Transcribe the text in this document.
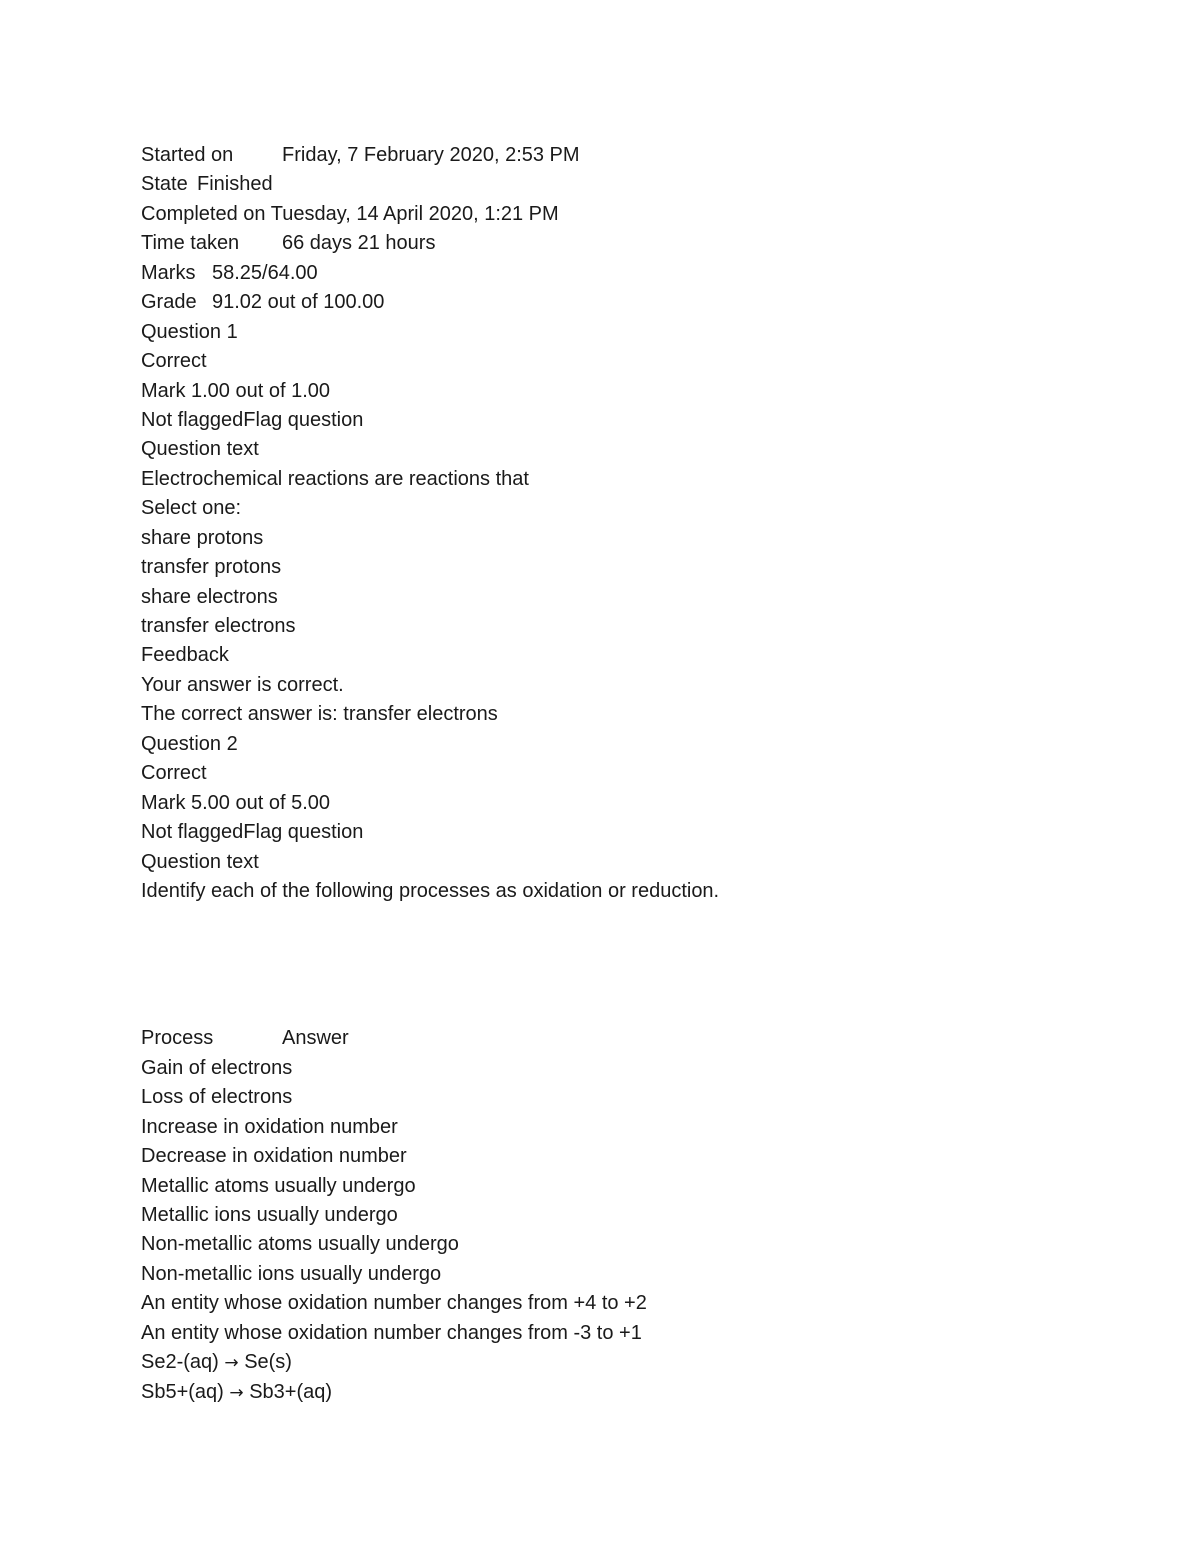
Started on Friday, 7 February 2020, 2:53 PM
State Finished
Completed on Tuesday, 14 April 2020, 1:21 PM
Time taken 66 days 21 hours
Marks 58.25/64.00
Grade 91.02 out of 100.00
Question 1
Correct
Mark 1.00 out of 1.00
Not flaggedFlag question
Question text
Electrochemical reactions are reactions that
Select one:
share protons
transfer protons
share electrons
transfer electrons
Feedback
Your answer is correct.
The correct answer is: transfer electrons
Question 2
Correct
Mark 5.00 out of 5.00
Not flaggedFlag question
Question text
Identify each of the following processes as oxidation or reduction.
Process	Answer
Gain of electrons
Loss of electrons
Increase in oxidation number
Decrease in oxidation number
Metallic atoms usually undergo
Metallic ions usually undergo
Non-metallic atoms usually undergo
Non-metallic ions usually undergo
An entity whose oxidation number changes from +4 to +2
An entity whose oxidation number changes from -3 to +1
Se2-(aq) → Se(s)
Sb5+(aq) → Sb3+(aq)
